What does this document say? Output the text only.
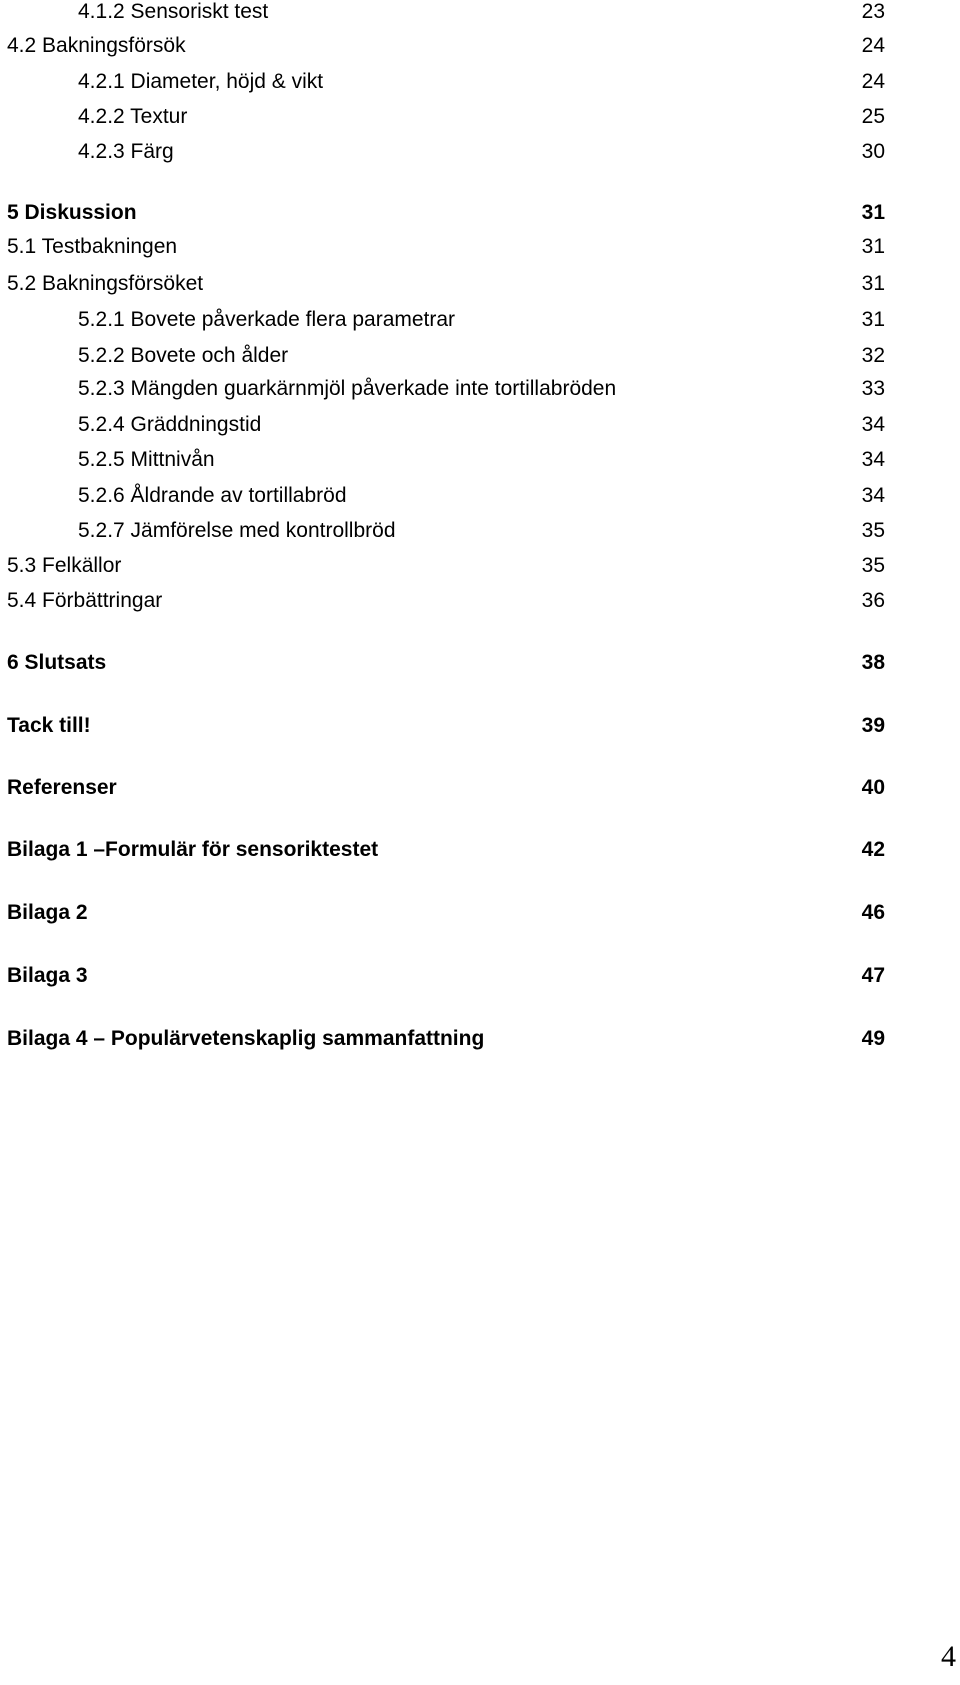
4.1.2 Sensoriskt test	23
4.2 Bakningsförsök	24
4.2.1 Diameter, höjd & vikt	24
4.2.2 Textur	25
4.2.3 Färg	30
5 Diskussion	31
5.1 Testbakningen	31
5.2 Bakningsförsöket	31
5.2.1 Bovete påverkade flera parametrar	31
5.2.2 Bovete och ålder	32
5.2.3 Mängden guarkärnmjöl påverkade inte tortillabröden	33
5.2.4 Gräddningstid	34
5.2.5 Mittnivån	34
5.2.6 Åldrande av tortillabröd	34
5.2.7 Jämförelse med kontrollbröd	35
5.3 Felkällor	35
5.4 Förbättringar	36
6 Slutsats	38
Tack till!	39
Referenser	40
Bilaga 1 –Formulär för sensoriktestet	42
Bilaga 2	46
Bilaga 3	47
Bilaga 4 – Populärvetenskaplig sammanfattning	49
4
